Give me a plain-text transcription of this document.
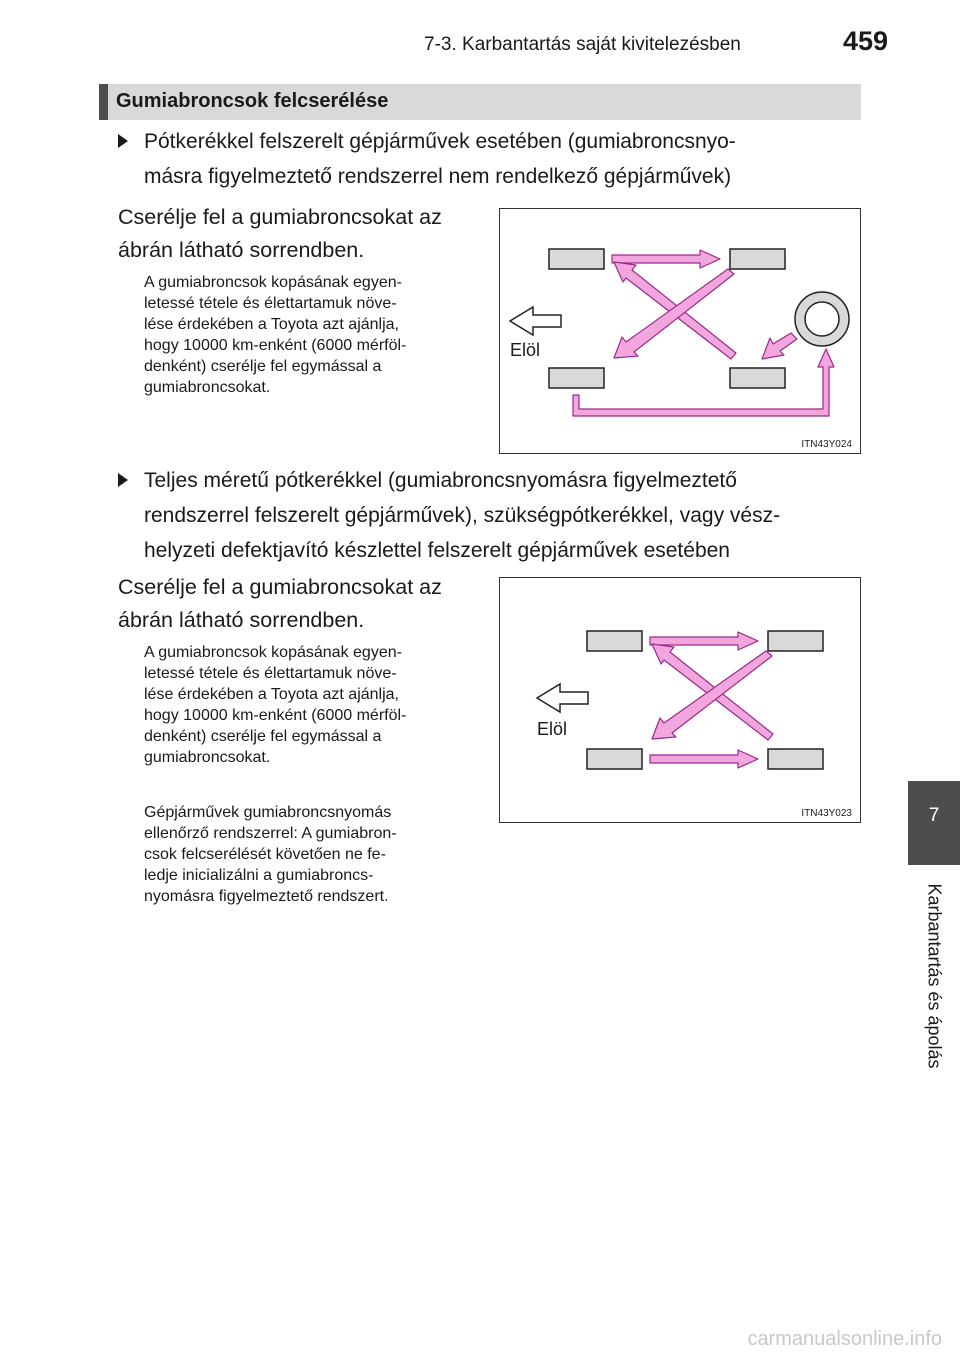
7-3. Karbantartás saját kivitelezésben	459
Gumiabroncsok felcserélése
Pótkerékkel felszerelt gépjárművek esetében (gumiabroncsnyo-
másra figyelmeztető rendszerrel nem rendelkező gépjárművek)
Cserélje fel a gumiabroncsokat az
ábrán látható sorrendben.
A gumiabroncsok kopásának egyen-
letessé tétele és élettartamuk növe-
lése érdekében a Toyota azt ajánlja,
hogy 10000 km-enként (6000 mérföl-
denként) cserélje fel egymással a
gumiabroncsokat.
Elöl
ITN43Y024
Teljes méretű pótkerékkel (gumiabroncsnyomásra figyelmeztető
rendszerrel felszerelt gépjárművek), szükségpótkerékkel, vagy vész-
helyzeti defektjavító készlettel felszerelt gépjárművek esetében
Cserélje fel a gumiabroncsokat az
ábrán látható sorrendben.
A gumiabroncsok kopásának egyen-
letessé tétele és élettartamuk növe-
lése érdekében a Toyota azt ajánlja,
hogy 10000 km-enként (6000 mérföl-
denként) cserélje fel egymással a
gumiabroncsokat.
Gépjárművek gumiabroncsnyomás
ellenőrző rendszerrel: A gumiabron-
csok felcserélését követően ne fe-
ledje inicializálni a gumiabroncs-
nyomásra figyelmeztető rendszert.
Elöl
ITN43Y023	7
Karbantartás és ápolás
carmanualsonline.info
